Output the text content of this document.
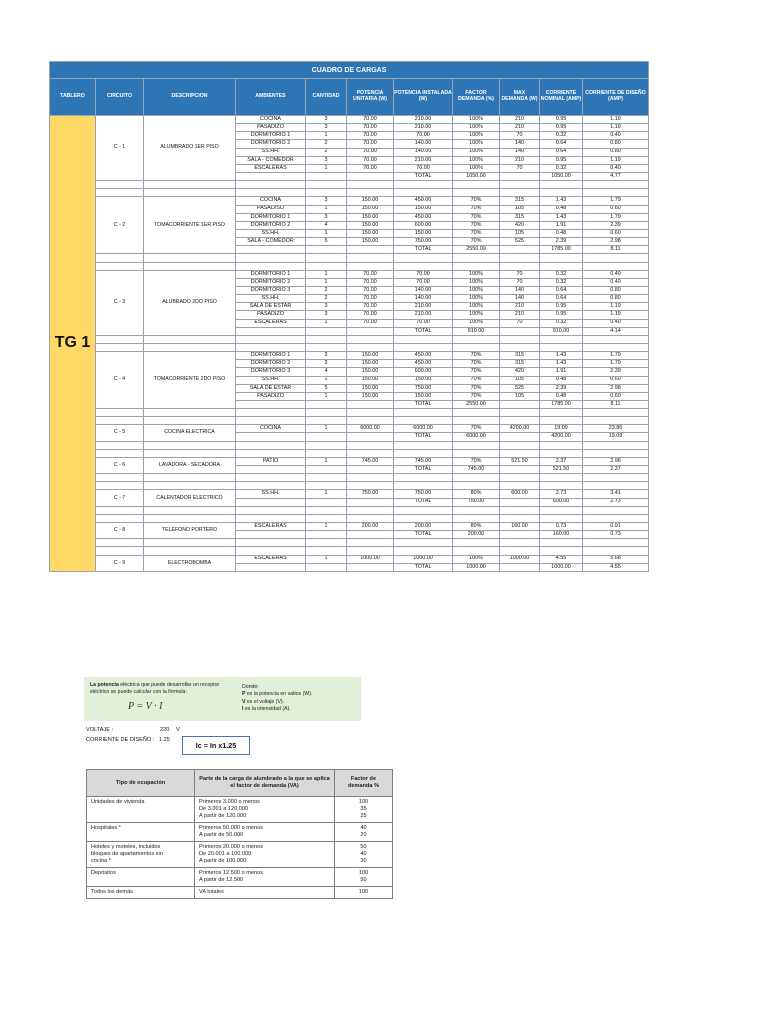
CUADRO DE CARGAS											
TABLERO	CIRCUITO	DESCRIPCION	AMBIENTES	CANTIDAD	POTENCIA UNITARIA (W)	POTENCIA INSTALADA (W)	FACTOR DEMANDA (%)	MAX DEMANDA (W)	CORRIENTE NOMINAL (AMP)	CORRIENTE DE DISEÑO (AMP)	
TG 1	C - 1	ALUMBRADO 1ER PISO	COCINA	3	70.00	210.00	100%	210	0.95	1.19	
			PASADIZO	3	70.00	210.00	100%	210	0.95	1.19	
			DORMITORIO 1	1	70.00	70.00	100%	70	0.32	0.40	
			DORMITORIO 2	2	70.00	140.00	100%	140	0.64	0.80	
			SS.HH.	2	70.00	140.00	100%	140	0.64	0.80	
			SALA - COMEDOR	3	70.00	210.00	100%	210	0.95	1.19	
			ESCALERAS	1	70.00	70.00	100%	70	0.32	0.40	
						TOTAL	1050.00		1050.00	4.77	

	C - 2	TOMACORRIENTE 1ER PISO	COCINA	3	150.00	450.00	70%	315	1.43	1.79	
			PASADISO	1	150.00	150.00	70%	105	0.48	0.60	
			DORMITORIO 1	3	150.00	450.00	70%	315	1.43	1.79	
			DORMITORIO 2	4	150.00	600.00	70%	420	1.91	2.39	
			SS.HH.	1	150.00	150.00	70%	105	0.48	0.60	
			SALA - COMEDOR	5	150.00	750.00	70%	525	2.39	2.98	
						TOTAL	2550.00		1785.00	8.11	

	C - 3	ALUBRADO 2DO PISO	DORMITORIO 1	1	70.00	70.00	100%	70	0.32	0.40	
			DORMITORIO 2	1	70.00	70.00	100%	70	0.32	0.40	
			DORMITORIO 3	2	70.00	140.00	100%	140	0.64	0.80	
			SS.HH.	2	70.00	140.00	100%	140	0.64	0.80	
			SALA DE ESTAR	3	70.00	210.00	100%	210	0.95	1.19	
			PASADIZO	3	70.00	210.00	100%	210	0.95	1.19	
			ESCALERAS	1	70.00	70.00	100%	70	0.32	0.40	
						TOTAL	910.00		910.00	4.14	

	C - 4	TOMACORRIENTE 2DO PISO	DORMITORIO 1	3	150.00	450.00	70%	315	1.43	1.79	
			DORMITORIO 2	3	150.00	450.00	70%	315	1.43	1.79	
			DORMITORIO 3	4	150.00	600.00	70%	420	1.91	2.39	
			SS.HH.	1	150.00	150.00	70%	105	0.48	0.60	
			SALA DE ESTAR	5	150.00	750.00	70%	525	2.39	2.98	
			PASADIZO	1	150.00	150.00	70%	105	0.48	0.60	
						TOTAL	2550.00		1785.00	8.11	

	C - 5	COCINA ELECTRICA	COCINA	1	6000.00	6000.00	70%	4200.00	19.09	23.86	
						TOTAL	6000.00		4200.00	19.09	

	C - 6	LAVADORA - SECADORA	PATIO	1	745.00	745.00	70%	521.50	2.37	2.96	
						TOTAL	745.00		521.50	2.37	

	C - 7	CALENTADOR ELECTRICO	SS.HH.	1	750.00	750.00	80%	600.00	2.73	3.41	
						TOTAL	750.00		600.00	2.73	

	C - 8	TELEFONO PORTERO	ESCALERAS	1	200.00	200.00	80%	160.00	0.73	0.91	
						TOTAL	200.00		160.00	0.73	

	C - 9	ELECTROBOMBA	ESCALERAS	1	1000.00	1000.00	100%	1000.00	4.55	5.68	
						TOTAL	1000.00		1000.00	4.55	
La potencia eléctrica que puede desarrollar un receptor eléctrico se puede calcular con la fórmula:
P = V · I
Donde:
P es la potencia en vatios (W).
V es el voltaje (V).
I es la intensidad (A).
VOLTAJE :	220 V
CORRIENTE DE DISEÑO : 1.25
Ic = In x1.25
Tipo de ocupación	Parte de la carga de alumbrado a la que se aplica el factor de demanda (VA)	Factor de demanda %

Unidades de vivienda	Primeros 3.000 o menos
De 3.001 a 120.000
A partir de 120.000	100
35
25

Hospitales *	Primeros 50.000 o menos
A partir de 50.000	40
20

Hoteles y moteles, incluidos
bloques de apartamentos sin
cocina *	Primeros 20.000 o menos
De 20.001 a 100.000
A partir de 100.000	50
40
30

Depósitos	Primeros 12.500 o menos
A partir de 12.500	100
50

Todos los demás	VA totales	100
